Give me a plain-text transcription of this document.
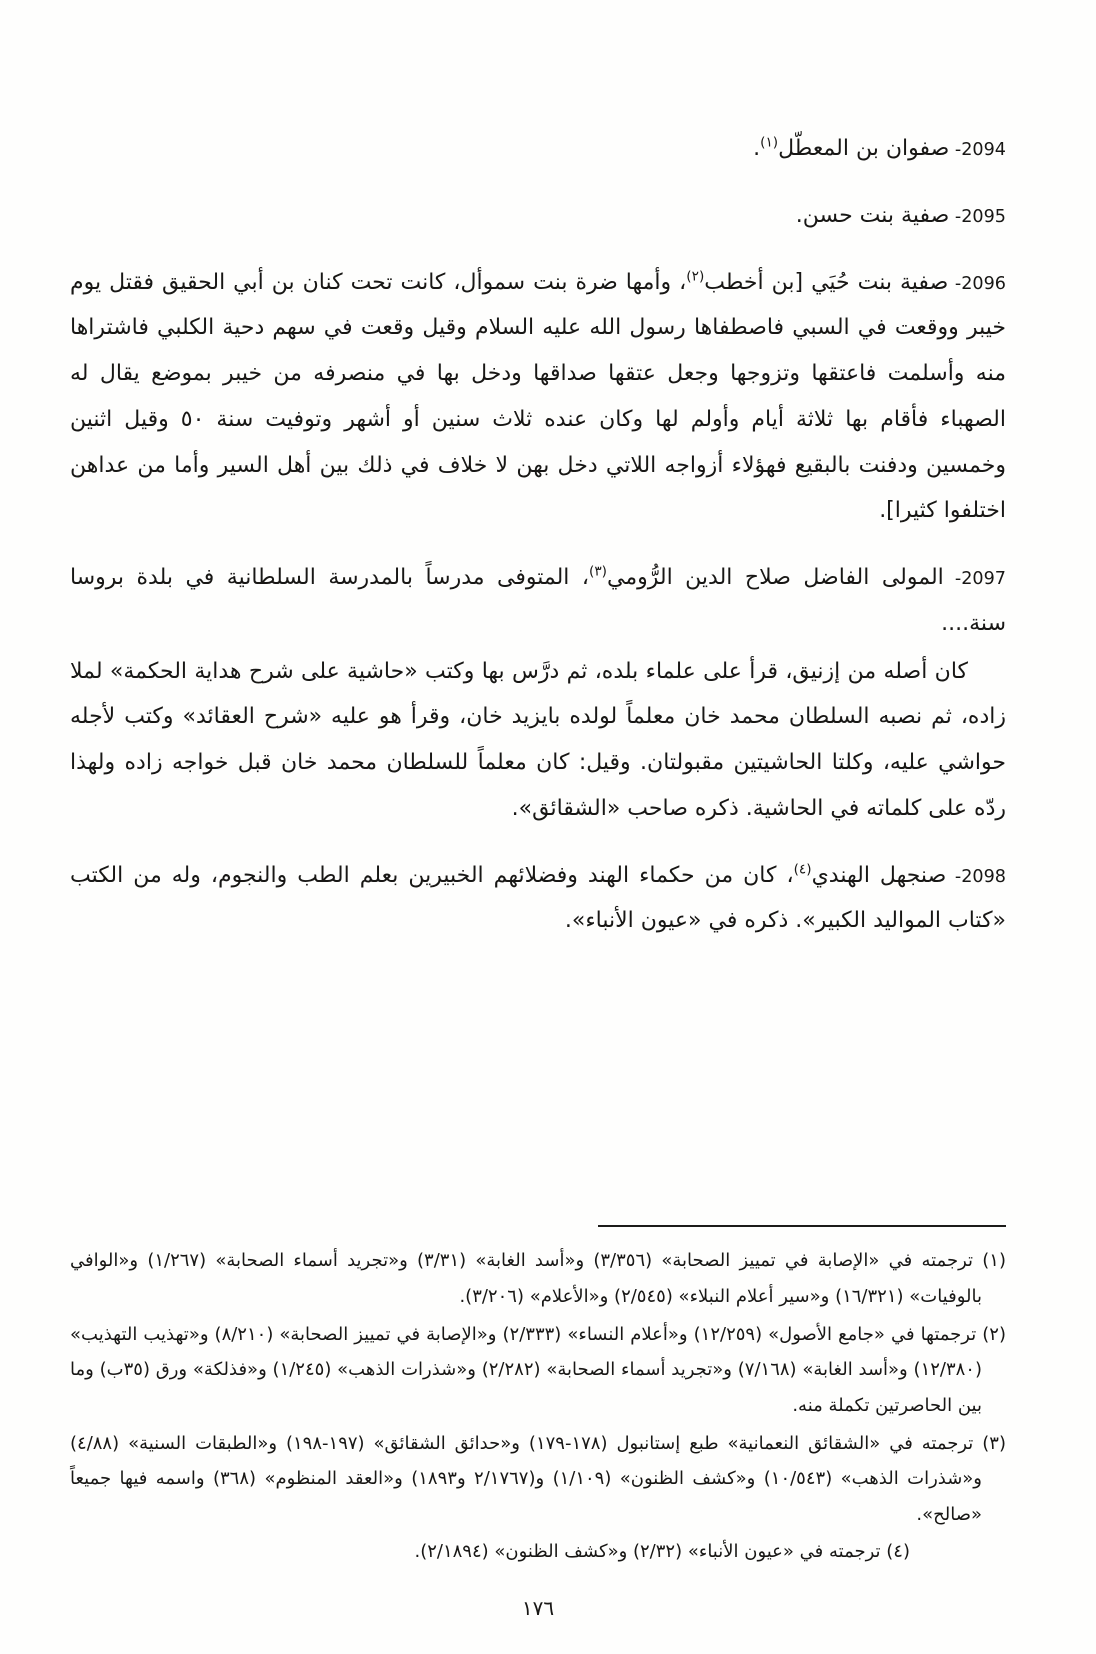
2094- صفوان بن المعطّل$^{(١)}$.

2095- صفية بنت حسن.

2096- صفية بنت حُيَي [بن أخطب$^{(٢)}$، وأمها ضرة بنت سموأل، كانت تحت كنان بن أبي الحقيق فقتل يوم خيبر ووقعت في السبي فاصطفاها رسول الله عليه السلام وقيل وقعت في سهم دحية الكلبي فاشتراها منه وأسلمت فاعتقها وتزوجها وجعل عتقها صداقها ودخل بها في منصرفه من خيبر بموضع يقال له الصهباء فأقام بها ثلاثة أيام وأولم لها وكان عنده ثلاث سنين أو أشهر وتوفيت سنة ٥٠ وقيل اثنين وخمسين ودفنت بالبقيع فهؤلاء أزواجه اللاتي دخل بهن لا خلاف في ذلك بين أهل السير وأما من عداهن اختلفوا كثيرا].

2097- المولى الفاضل صلاح الدين الرُّومي$^{(٣)}$، المتوفى مدرساً بالمدرسة السلطانية في بلدة بروسا سنة....

كان أصله من إزنيق، قرأ على علماء بلده، ثم درَّس بها وكتب «حاشية على شرح هداية الحكمة» لملا زاده، ثم نصبه السلطان محمد خان معلماً لولده بايزيد خان، وقرأ هو عليه «شرح العقائد» وكتب لأجله حواشي عليه، وكلتا الحاشيتين مقبولتان. وقيل: كان معلماً للسلطان محمد خان قبل خواجه زاده ولهذا ردّه على كلماته في الحاشية. ذكره صاحب «الشقائق».

2098- صنجهل الهندي$^{(٤)}$، كان من حكماء الهند وفضلائهم الخبيرين بعلم الطب والنجوم، وله من الكتب «كتاب المواليد الكبير». ذكره في «عيون الأنباء».

(١) ترجمته في «الإصابة في تمييز الصحابة» (٣/٣٥٦) و«أسد الغابة» (٣/٣١) و«تجريد أسماء الصحابة» (١/٢٦٧) و«الوافي بالوفيات» (١٦/٣٢١) و«سير أعلام النبلاء» (٢/٥٤٥) و«الأعلام» (٣/٢٠٦).

(٢) ترجمتها في «جامع الأصول» (١٢/٢٥٩) و«أعلام النساء» (٢/٣٣٣) و«الإصابة في تمييز الصحابة» (٨/٢١٠) و«تهذيب التهذيب» (١٢/٣٨٠) و«أسد الغابة» (٧/١٦٨) و«تجريد أسماء الصحابة» (٢/٢٨٢) و«شذرات الذهب» (١/٢٤٥) و«فذلكة» ورق (٣٥ب) وما بين الحاصرتين تكملة منه.

(٣) ترجمته في «الشقائق النعمانية» طبع إستانبول (١٧٨-١٧٩) و«حدائق الشقائق» (١٩٧-١٩٨) و«الطبقات السنية» (٤/٨٨) و«شذرات الذهب» (١٠/٥٤٣) و«كشف الظنون» (١/١٠٩) و(٢/١٧٦٧ و١٨٩٣) و«العقد المنظوم» (٣٦٨) واسمه فيها جميعاً «صالح».

(٤) ترجمته في «عيون الأنباء» (٢/٣٢) و«كشف الظنون» (٢/١٨٩٤).

١٧٦
